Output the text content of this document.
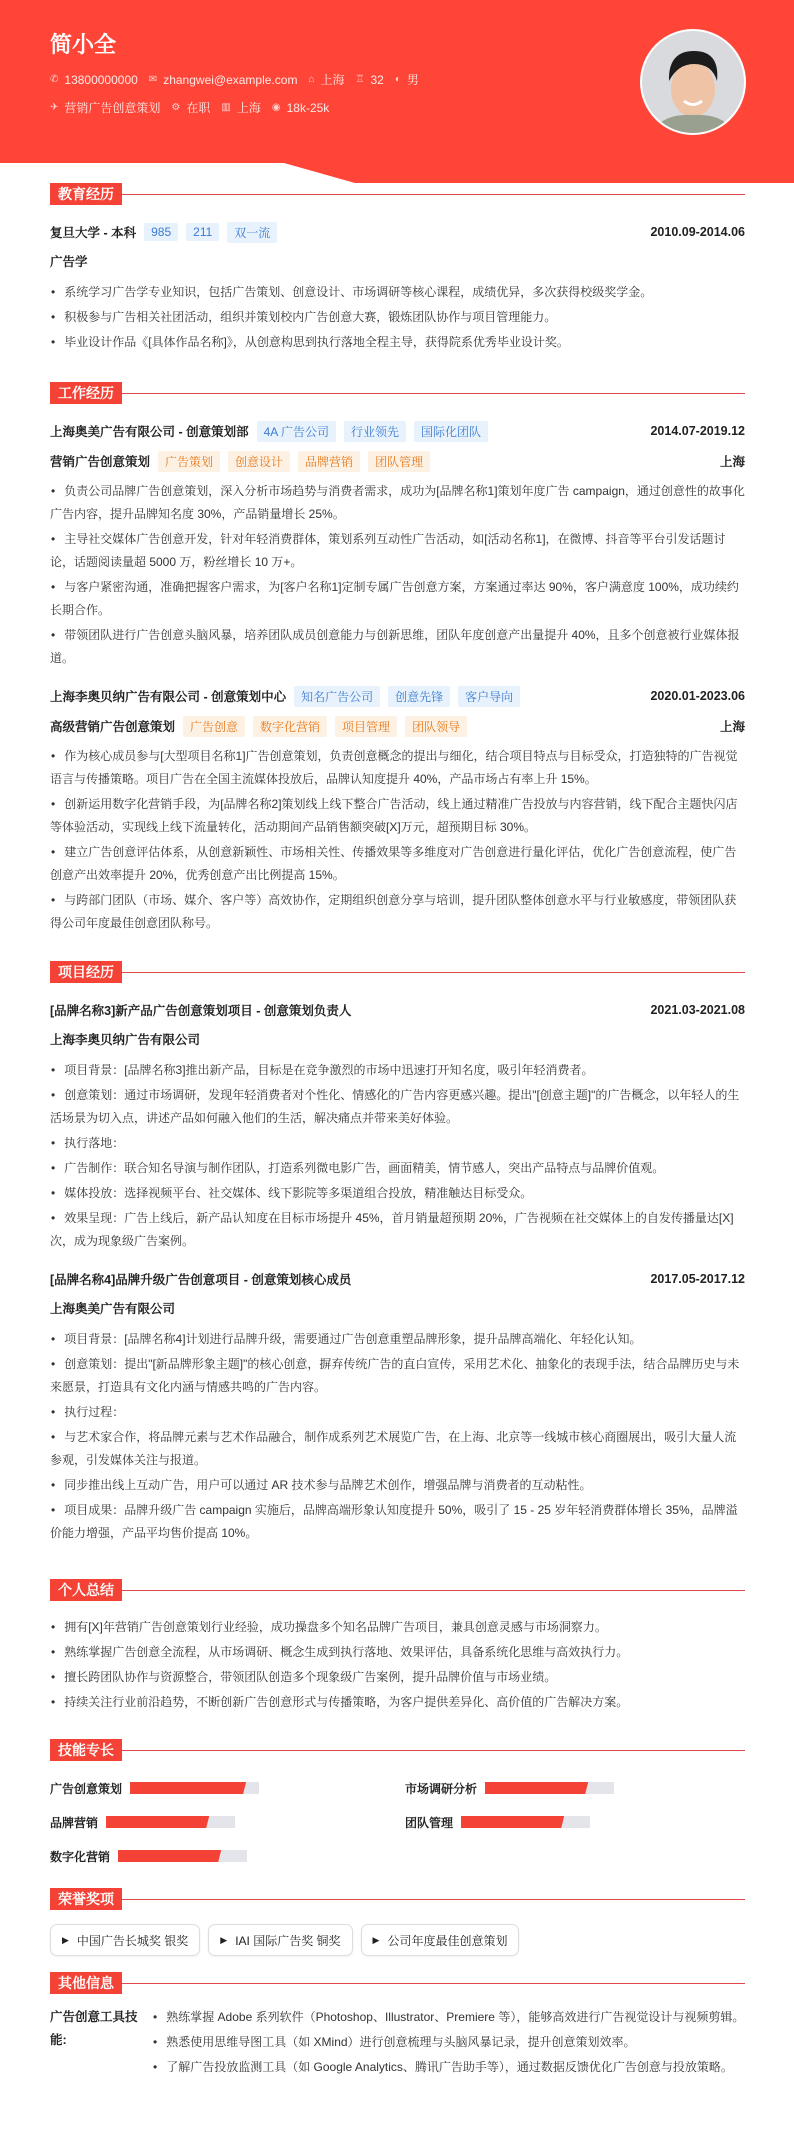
简小全
✆ 13800000000 ✉ zhangwei@example.com ⌂ 上海 ♖ 32 ◐ 男
✈ 营销广告创意策划 ⚙ 在职 ▥ 上海 ◉ 18k-25k
教育经历
复旦大学 - 本科	985	211	双一流	2010.09-2014.06
广告学
• 系统学习广告学专业知识，包括广告策划、创意设计、市场调研等核心课程，成绩优异，多次获得校级奖学金。
• 积极参与广告相关社团活动，组织并策划校内广告创意大赛，锻炼团队协作与项目管理能力。
• 毕业设计作品《[具体作品名称]》，从创意构思到执行落地全程主导，获得院系优秀毕业设计奖。
工作经历
上海奥美广告有限公司 - 创意策划部	4A 广告公司	行业领先	国际化团队	2014.07-2019.12
营销广告创意策划	广告策划	创意设计	品牌营销	团队管理	上海
• 负责公司品牌广告创意策划，深入分析市场趋势与消费者需求，成功为[品牌名称1]策划年度广告 campaign，通过创意性的故事化广告内容，提升品牌知名度 30%，产品销量增长 25%。
• 主导社交媒体广告创意开发，针对年轻消费群体，策划系列互动性广告活动，如[活动名称1]，在微博、抖音等平台引发话题讨论，话题阅读量超 5000 万，粉丝增长 10 万+。
• 与客户紧密沟通，准确把握客户需求，为[客户名称1]定制专属广告创意方案，方案通过率达 90%，客户满意度 100%，成功续约长期合作。
• 带领团队进行广告创意头脑风暴，培养团队成员创意能力与创新思维，团队年度创意产出量提升 40%，且多个创意被行业媒体报道。
上海李奥贝纳广告有限公司 - 创意策划中心	知名广告公司	创意先锋	客户导向	2020.01-2023.06
高级营销广告创意策划	广告创意	数字化营销	项目管理	团队领导	上海
• 作为核心成员参与[大型项目名称1]广告创意策划，负责创意概念的提出与细化，结合项目特点与目标受众，打造独特的广告视觉语言与传播策略。项目广告在全国主流媒体投放后，品牌认知度提升 40%，产品市场占有率上升 15%。
• 创新运用数字化营销手段，为[品牌名称2]策划线上线下整合广告活动，线上通过精准广告投放与内容营销，线下配合主题快闪店等体验活动，实现线上线下流量转化，活动期间产品销售额突破[X]万元，超预期目标 30%。
• 建立广告创意评估体系，从创意新颖性、市场相关性、传播效果等多维度对广告创意进行量化评估，优化广告创意流程，使广告创意产出效率提升 20%，优秀创意产出比例提高 15%。
• 与跨部门团队（市场、媒介、客户等）高效协作，定期组织创意分享与培训，提升团队整体创意水平与行业敏感度，带领团队获得公司年度最佳创意团队称号。
项目经历
[品牌名称3]新产品广告创意策划项目 - 创意策划负责人	2021.03-2021.08
上海李奥贝纳广告有限公司
• 项目背景：[品牌名称3]推出新产品，目标是在竞争激烈的市场中迅速打开知名度，吸引年轻消费者。
• 创意策划：通过市场调研，发现年轻消费者对个性化、情感化的广告内容更感兴趣。提出"[创意主题]"的广告概念，以年轻人的生活场景为切入点，讲述产品如何融入他们的生活，解决痛点并带来美好体验。
• 执行落地：
• 广告制作：联合知名导演与制作团队，打造系列微电影广告，画面精美，情节感人，突出产品特点与品牌价值观。
• 媒体投放：选择视频平台、社交媒体、线下影院等多渠道组合投放，精准触达目标受众。
• 效果呈现：广告上线后，新产品认知度在目标市场提升 45%，首月销量超预期 20%，广告视频在社交媒体上的自发传播量达[X]次，成为现象级广告案例。
[品牌名称4]品牌升级广告创意项目 - 创意策划核心成员	2017.05-2017.12
上海奥美广告有限公司
• 项目背景：[品牌名称4]计划进行品牌升级，需要通过广告创意重塑品牌形象，提升品牌高端化、年轻化认知。
• 创意策划：提出"[新品牌形象主题]"的核心创意，摒弃传统广告的直白宣传，采用艺术化、抽象化的表现手法，结合品牌历史与未来愿景，打造具有文化内涵与情感共鸣的广告内容。
• 执行过程：
• 与艺术家合作，将品牌元素与艺术作品融合，制作成系列艺术展览广告，在上海、北京等一线城市核心商圈展出，吸引大量人流参观，引发媒体关注与报道。
• 同步推出线上互动广告，用户可以通过 AR 技术参与品牌艺术创作，增强品牌与消费者的互动粘性。
• 项目成果：品牌升级广告 campaign 实施后，品牌高端形象认知度提升 50%，吸引了 15 - 25 岁年轻消费群体增长 35%，品牌溢价能力增强，产品平均售价提高 10%。
个人总结
• 拥有[X]年营销广告创意策划行业经验，成功操盘多个知名品牌广告项目，兼具创意灵感与市场洞察力。
• 熟练掌握广告创意全流程，从市场调研、概念生成到执行落地、效果评估，具备系统化思维与高效执行力。
• 擅长跨团队协作与资源整合，带领团队创造多个现象级广告案例，提升品牌价值与市场业绩。
• 持续关注行业前沿趋势，不断创新广告创意形式与传播策略，为客户提供差异化、高价值的广告解决方案。
技能专长
广告创意策划	市场调研分析
品牌营销	团队管理
数字化营销
荣誉奖项
▶ 中国广告长城奖 银奖	▶ IAI 国际广告奖 铜奖	▶ 公司年度最佳创意策划
其他信息
广告创意工具技能:
• 熟练掌握 Adobe 系列软件（Photoshop、Illustrator、Premiere 等），能够高效进行广告视觉设计与视频剪辑。
• 熟悉使用思维导图工具（如 XMind）进行创意梳理与头脑风暴记录，提升创意策划效率。
• 了解广告投放监测工具（如 Google Analytics、腾讯广告助手等），通过数据反馈优化广告创意与投放策略。
